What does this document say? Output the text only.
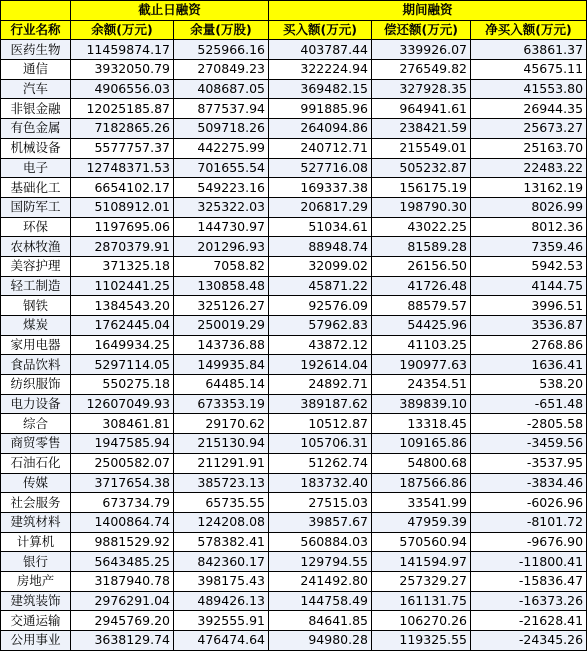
	截止日融资		期间融资		
行业名称	余额(万元)	余量(万股)	买入额(万元)	偿还额(万元)	净买入额(万元)
医药生物	11459874.17	525966.16	403787.44	339926.07	63861.37
通信	3932050.79	270849.23	322224.94	276549.82	45675.11
汽车	4906556.03	408687.05	369482.15	327928.35	41553.80
非银金融	12025185.87	877537.94	991885.96	964941.61	26944.35
有色金属	7182865.26	509718.26	264094.86	238421.59	25673.27
机械设备	5577757.37	442275.99	240712.71	215549.01	25163.70
电子	12748371.53	701655.54	527716.08	505232.87	22483.22
基础化工	6654102.17	549223.16	169337.38	156175.19	13162.19
国防军工	5108912.01	325322.03	206817.29	198790.30	8026.99
环保	1197695.06	144730.97	51034.61	43022.25	8012.36
农林牧渔	2870379.91	201296.93	88948.74	81589.28	7359.46
美容护理	371325.18	7058.82	32099.02	26156.50	5942.53
轻工制造	1102441.25	130858.48	45871.22	41726.48	4144.75
钢铁	1384543.20	325126.27	92576.09	88579.57	3996.51
煤炭	1762445.04	250019.29	57962.83	54425.96	3536.87
家用电器	1649934.25	143736.88	43872.12	41103.25	2768.86
食品饮料	5297114.05	149935.84	192614.04	190977.63	1636.41
纺织服饰	550275.18	64485.14	24892.71	24354.51	538.20
电力设备	12607049.93	673353.19	389187.62	389839.10	-651.48
综合	308461.81	29170.62	10512.87	13318.45	-2805.58
商贸零售	1947585.94	215130.94	105706.31	109165.86	-3459.56
石油石化	2500582.07	211291.91	51262.74	54800.68	-3537.95
传媒	3717654.38	385723.13	183732.40	187566.86	-3834.46
社会服务	673734.79	65735.55	27515.03	33541.99	-6026.96
建筑材料	1400864.74	124208.08	39857.67	47959.39	-8101.72
计算机	9881529.92	578382.41	560884.03	570560.94	-9676.90
银行	5643485.25	842360.17	129794.55	141594.97	-11800.41
房地产	3187940.78	398175.43	241492.80	257329.27	-15836.47
建筑装饰	2976291.04	489426.13	144758.49	161131.75	-16373.26
交通运输	2945769.20	392555.91	84641.85	106270.26	-21628.41
公用事业	3638129.74	476474.64	94980.28	119325.55	-24345.26
